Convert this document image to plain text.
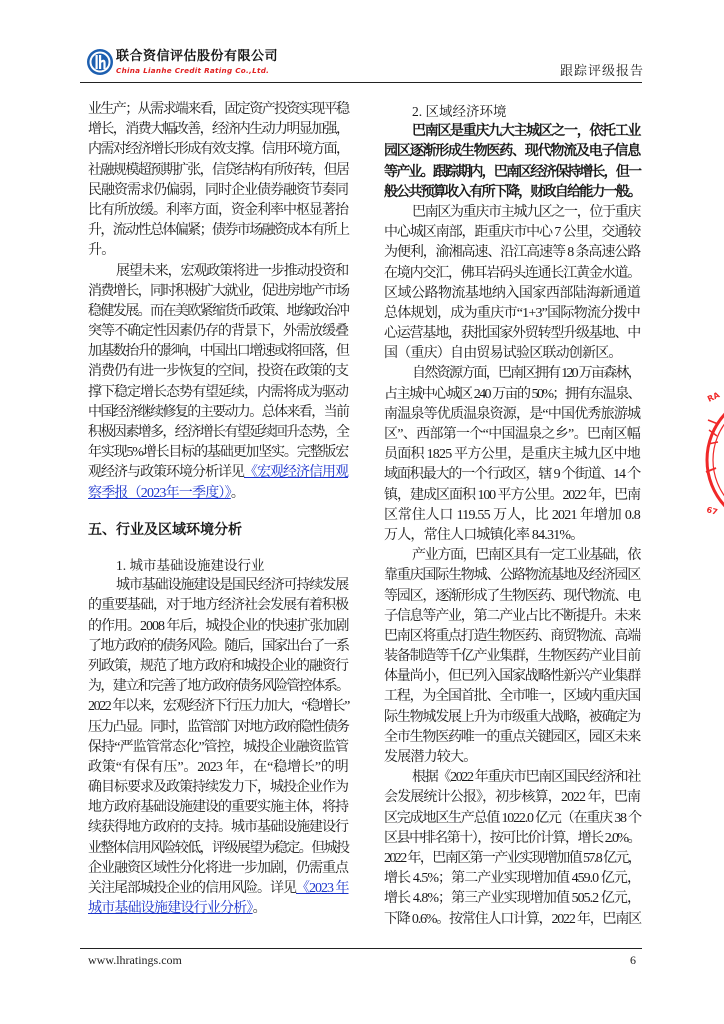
联合资信评估股份有限公司
China Lianhe Credit Rating Co.,Ltd.	跟踪评级报告
业生产；从需求端来看，固定资产投资实现平稳
增长，消费大幅改善，经济内生动力明显加强，
内需对经济增长形成有效支撑。信用环境方面，
社融规模超预期扩张，信贷结构有所好转，但居
民融资需求仍偏弱，同时企业债券融资节奏同
比有所放缓。利率方面，资金利率中枢显著抬
升，流动性总体偏紧；债券市场融资成本有所上
升。
展望未来，宏观政策将进一步推动投资和
消费增长，同时积极扩大就业，促进房地产市场
稳健发展。而在美欧紧缩货币政策、地缘政治冲
突等不确定性因素仍存的背景下，外需放缓叠
加基数抬升的影响，中国出口增速或将回落，但
消费仍有进一步恢复的空间，投资在政策的支
撑下稳定增长态势有望延续，内需将成为驱动
中国经济继续修复的主要动力。总体来看，当前
积极因素增多，经济增长有望延续回升态势，全
年实现5%增长目标的基础更加坚实。完整版宏
观经济与政策环境分析详见《宏观经济信用观
察季报（2023年一季度）》。
五、行业及区域环境分析
1. 城市基础设施建设行业
城市基础设施建设是国民经济可持续发展
的重要基础，对于地方经济社会发展有着积极
的作用。2008 年后，城投企业的快速扩张加剧
了地方政府的债务风险。随后，国家出台了一系
列政策，规范了地方政府和城投企业的融资行
为，建立和完善了地方政府债务风险管控体系。
2022 年以来，宏观经济下行压力加大，“稳增长”
压力凸显。同时，监管部门对地方政府隐性债务
保持“严监管常态化”管控，城投企业融资监管
政策“有保有压”。2023 年，在“稳增长”的明
确目标要求及政策持续发力下，城投企业作为
地方政府基础设施建设的重要实施主体，将持
续获得地方政府的支持。城市基础设施建设行
业整体信用风险较低，评级展望为稳定。但城投
企业融资区域性分化将进一步加剧，仍需重点
关注尾部城投企业的信用风险。详见《2023 年
城市基础设施建设行业分析》。
2. 区域经济环境
巴南区是重庆九大主城区之一，依托工业
园区逐渐形成生物医药、现代物流及电子信息
等产业。跟踪期内，巴南区经济保持增长，但一
般公共预算收入有所下降，财政自给能力一般。
巴南区为重庆市主城九区之一，位于重庆
中心城区南部，距重庆市中心 7 公里，交通较
为便利，渝湘高速、沿江高速等 8 条高速公路
在境内交汇，佛耳岩码头连通长江黄金水道。
区域公路物流基地纳入国家西部陆海新通道
总体规划，成为重庆市“1+3”国际物流分拨中
心运营基地，获批国家外贸转型升级基地、中
国（重庆）自由贸易试验区联动创新区。
自然资源方面，巴南区拥有 120 万亩森林，
占主城中心城区 240 万亩的 50%；拥有东温泉、
南温泉等优质温泉资源，是“中国优秀旅游城
区”、西部第一个“中国温泉之乡”。巴南区幅
员面积 1825 平方公里，是重庆主城九区中地
域面积最大的一个行政区，辖 9 个街道、14 个
镇，建成区面积 100 平方公里。2022 年，巴南
区常住人口 119.55 万人，比 2021 年增加 0.8
万人，常住人口城镇化率 84.31%。
产业方面，巴南区具有一定工业基础，依
靠重庆国际生物城、公路物流基地及经济园区
等园区，逐渐形成了生物医药、现代物流、电
子信息等产业，第二产业占比不断提升。未来
巴南区将重点打造生物医药、商贸物流、高端
装备制造等千亿产业集群，生物医药产业目前
体量尚小，但已列入国家战略性新兴产业集群
工程，为全国首批、全市唯一，区域内重庆国
际生物城发展上升为市级重大战略，被确定为
全市生物医药唯一的重点关键园区，园区未来
发展潜力较大。
根据《2022 年重庆市巴南区国民经济和社
会发展统计公报》，初步核算，2022 年，巴南
区完成地区生产总值 1022.0 亿元（在重庆 38 个
区县中排名第十），按可比价计算，增长 2.0%。
2022 年，巴南区第一产业实现增加值 57.8 亿元，
增长 4.5%；第二产业实现增加值 459.0 亿元，
增长 4.8%；第三产业实现增加值 505.2 亿元，
下降 0.6%。按常住人口计算，2022 年，巴南区
RA
67
www.lhratings.com	6
